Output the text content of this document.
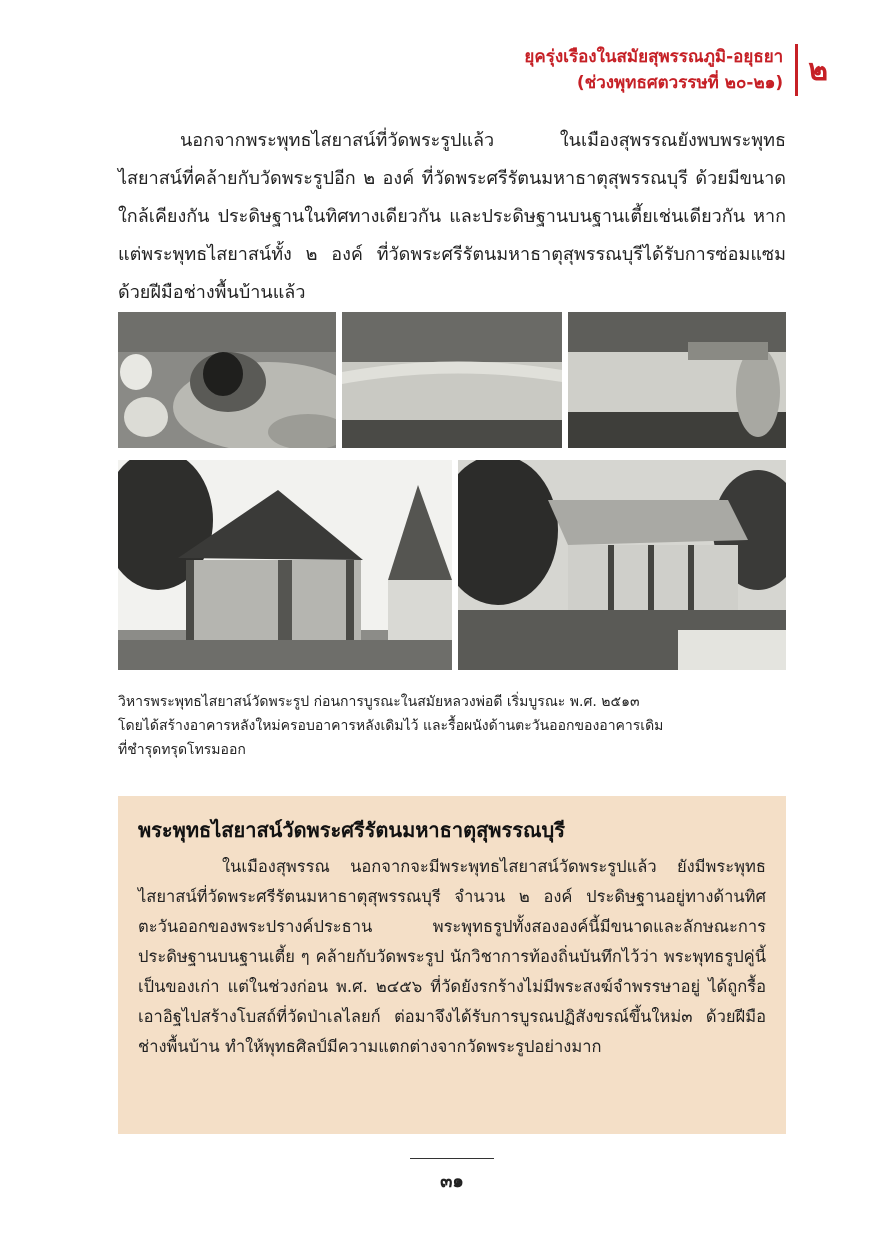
ยุครุ่งเรืองในสมัยสุพรรณภูมิ-อยุธยา
(ช่วงพุทธศตวรรษที่ ๒๐-๒๑) ๒

นอกจากพระพุทธไสยาสน์ที่วัดพระรูปแล้ว ในเมืองสุพรรณยังพบพระพุทธไสยาสน์ที่คล้ายกับวัดพระรูปอีก ๒ องค์ ที่วัดพระศรีรัตนมหาธาตุสุพรรณบุรี ด้วยมีขนาดใกล้เคียงกัน ประดิษฐานในทิศทางเดียวกัน และประดิษฐานบนฐานเตี้ยเช่นเดียวกัน หากแต่พระพุทธไสยาสน์ทั้ง ๒ องค์ ที่วัดพระศรีรัตนมหาธาตุสุพรรณบุรีได้รับการซ่อมแซมด้วยฝีมือช่างพื้นบ้านแล้ว

วิหารพระพุทธไสยาสน์วัดพระรูป ก่อนการบูรณะในสมัยหลวงพ่อดี เริ่มบูรณะ พ.ศ. ๒๕๑๓
โดยได้สร้างอาคารหลังใหม่ครอบอาคารหลังเดิมไว้ และรื้อผนังด้านตะวันออกของอาคารเดิม
ที่ชำรุดทรุดโทรมออก

พระพุทธไสยาสน์วัดพระศรีรัตนมหาธาตุสุพรรณบุรี

ในเมืองสุพรรณ นอกจากจะมีพระพุทธไสยาสน์วัดพระรูปแล้ว ยังมีพระพุทธไสยาสน์ที่วัดพระศรีรัตนมหาธาตุสุพรรณบุรี จำนวน ๒ องค์ ประดิษฐานอยู่ทางด้านทิศตะวันออกของพระปรางค์ประธาน พระพุทธรูปทั้งสององค์นี้มีขนาดและลักษณะการประดิษฐานบนฐานเตี้ย ๆ คล้ายกับวัดพระรูป นักวิชาการท้องถิ่นบันทึกไว้ว่า พระพุทธรูปคู่นี้เป็นของเก่า แต่ในช่วงก่อน พ.ศ. ๒๔๕๖ ที่วัดยังรกร้างไม่มีพระสงฆ์จำพรรษาอยู่ ได้ถูกรื้อเอาอิฐไปสร้างโบสถ์ที่วัดป่าเลไลยก์ ต่อมาจึงได้รับการบูรณปฏิสังขรณ์ขึ้นใหม่๓ ด้วยฝีมือช่างพื้นบ้าน ทำให้พุทธศิลป์มีความแตกต่างจากวัดพระรูปอย่างมาก

๓๑
